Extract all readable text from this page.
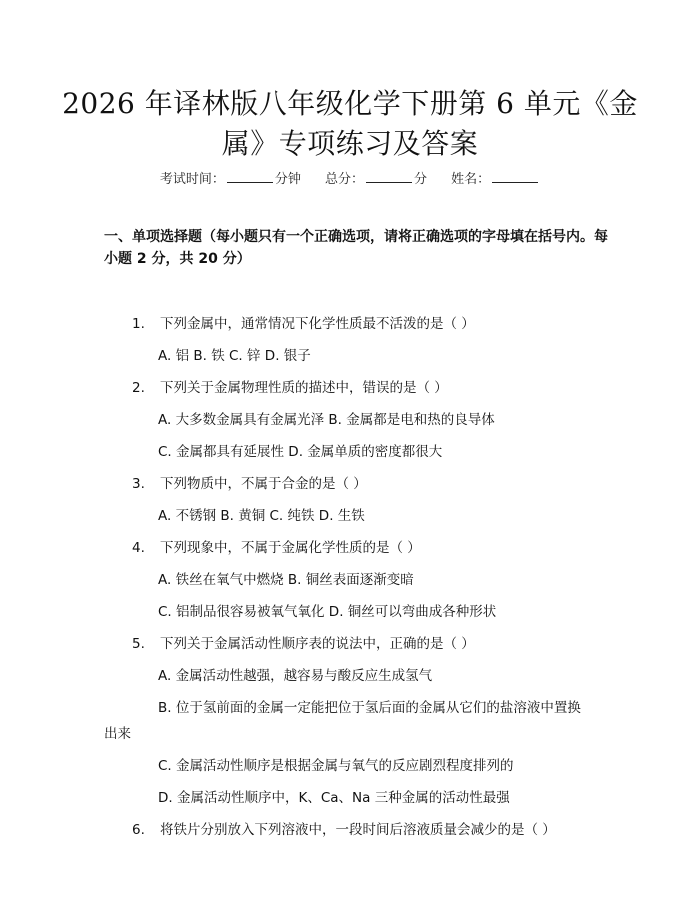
2026 年译林版八年级化学下册第 6 单元《金
属》专项练习及答案
考试时间：	分钟 总分：	分 姓名：
一、单项选择题（每小题只有一个正确选项，请将正确选项的字母填在括号内。每小题 2 分，共 20 分）
1. 下列金属中，通常情况下化学性质最不活泼的是（ ）
A. 铝 B. 铁 C. 锌 D. 银子
2. 下列关于金属物理性质的描述中，错误的是（ ）
A. 大多数金属具有金属光泽 B. 金属都是电和热的良导体
C. 金属都具有延展性 D. 金属单质的密度都很大
3. 下列物质中，不属于合金的是（ ）
A. 不锈钢 B. 黄铜 C. 纯铁 D. 生铁
4. 下列现象中，不属于金属化学性质的是（ ）
A. 铁丝在氧气中燃烧 B. 铜丝表面逐渐变暗
C. 铝制品很容易被氧气氧化 D. 铜丝可以弯曲成各种形状
5. 下列关于金属活动性顺序表的说法中，正确的是（ ）
A. 金属活动性越强，越容易与酸反应生成氢气
B. 位于氢前面的金属一定能把位于氢后面的金属从它们的盐溶液中置换
出来
C. 金属活动性顺序是根据金属与氧气的反应剧烈程度排列的
D. 金属活动性顺序中，K、Ca、Na 三种金属的活动性最强
6. 将铁片分别放入下列溶液中，一段时间后溶液质量会减少的是（ ）
